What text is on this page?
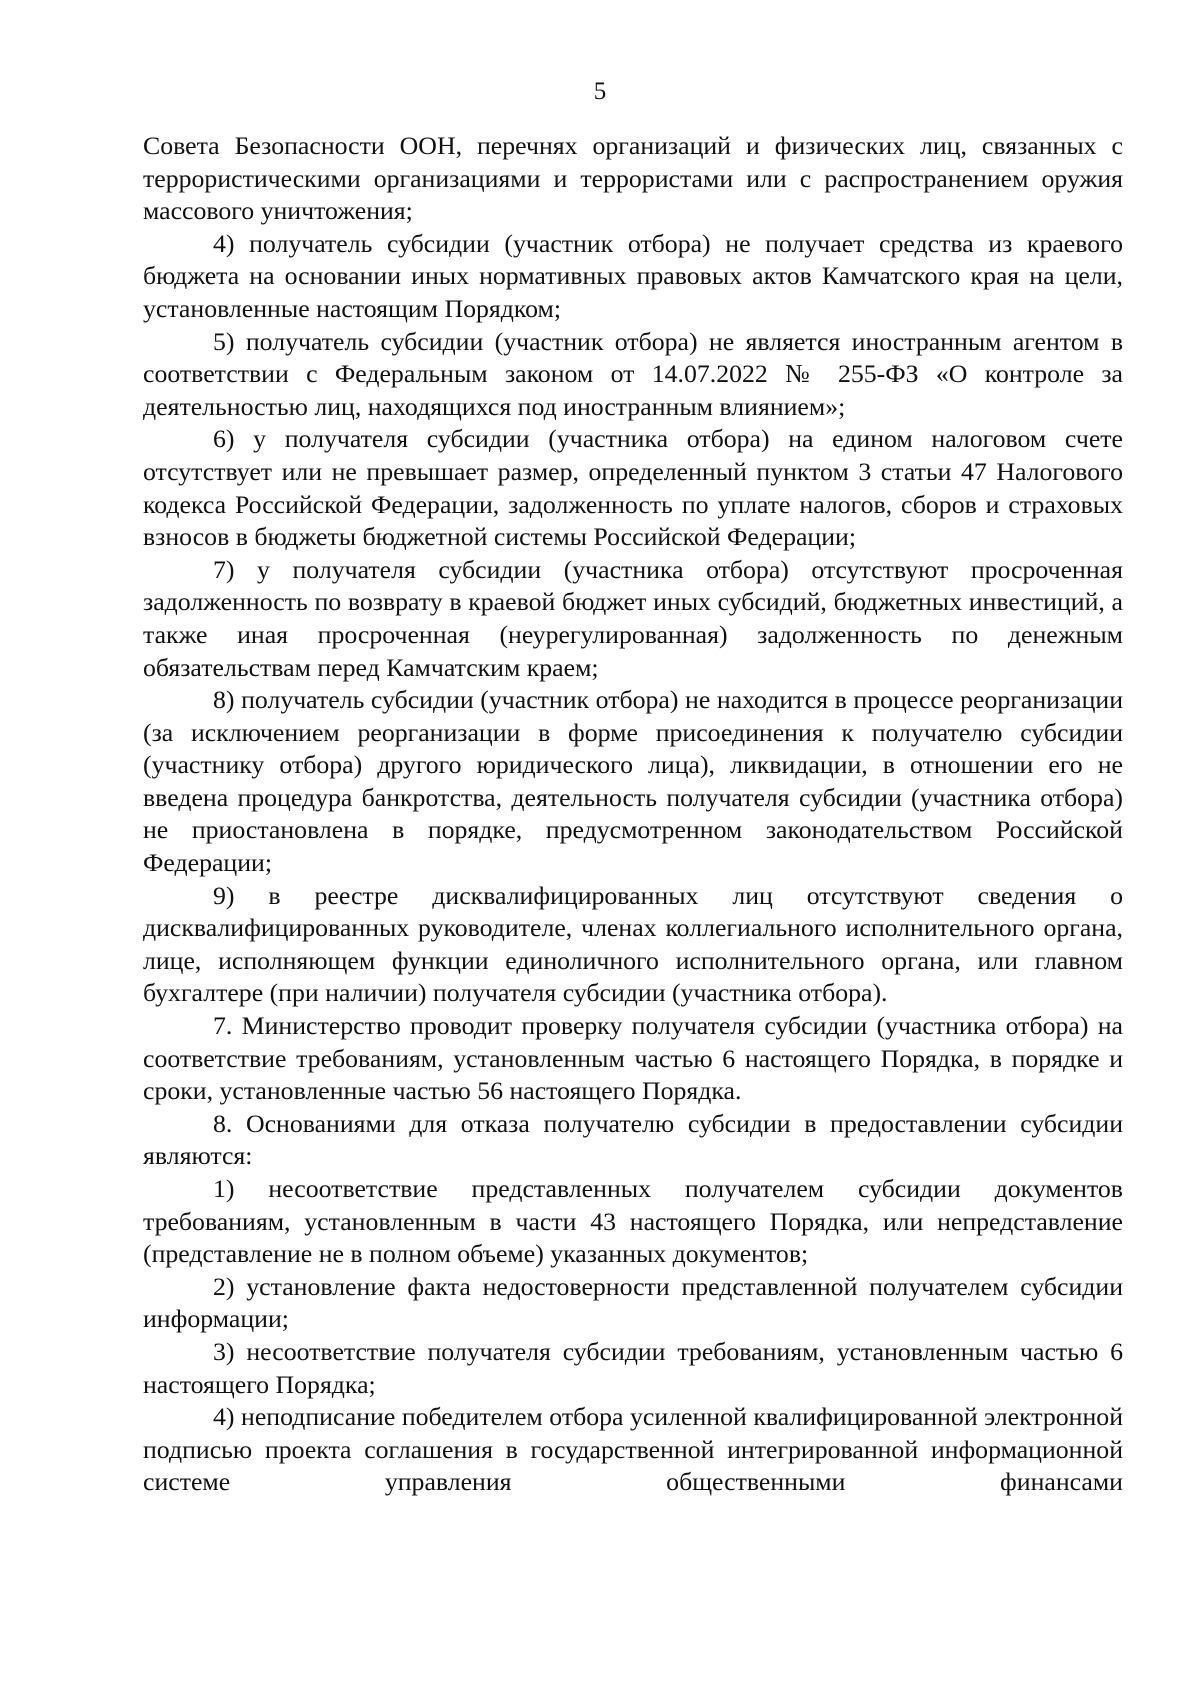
5

Совета Безопасности ООН, перечнях организаций и физических лиц, связанных с террористическими организациями и террористами или с распространением оружия массового уничтожения;

4) получатель субсидии (участник отбора) не получает средства из краевого бюджета на основании иных нормативных правовых актов Камчатского края на цели, установленные настоящим Порядком;

5) получатель субсидии (участник отбора) не является иностранным агентом в соответствии с Федеральным законом от 14.07.2022 № 255-ФЗ «О контроле за деятельностью лиц, находящихся под иностранным влиянием»;

6) у получателя субсидии (участника отбора) на едином налоговом счете отсутствует или не превышает размер, определенный пунктом 3 статьи 47 Налогового кодекса Российской Федерации, задолженность по уплате налогов, сборов и страховых взносов в бюджеты бюджетной системы Российской Федерации;

7) у получателя субсидии (участника отбора) отсутствуют просроченная задолженность по возврату в краевой бюджет иных субсидий, бюджетных инвестиций, а также иная просроченная (неурегулированная) задолженность по денежным обязательствам перед Камчатским краем;

8) получатель субсидии (участник отбора) не находится в процессе реорганизации (за исключением реорганизации в форме присоединения к получателю субсидии (участнику отбора) другого юридического лица), ликвидации, в отношении его не введена процедура банкротства, деятельность получателя субсидии (участника отбора) не приостановлена в порядке, предусмотренном законодательством Российской Федерации;

9) в реестре дисквалифицированных лиц отсутствуют сведения о дисквалифицированных руководителе, членах коллегиального исполнительного органа, лице, исполняющем функции единоличного исполнительного органа, или главном бухгалтере (при наличии) получателя субсидии (участника отбора).

7. Министерство проводит проверку получателя субсидии (участника отбора) на соответствие требованиям, установленным частью 6 настоящего Порядка, в порядке и сроки, установленные частью 56 настоящего Порядка.

8. Основаниями для отказа получателю субсидии в предоставлении субсидии являются:

1) несоответствие представленных получателем субсидии документов требованиям, установленным в части 43 настоящего Порядка, или непредставление (представление не в полном объеме) указанных документов;

2) установление факта недостоверности представленной получателем субсидии информации;

3) несоответствие получателя субсидии требованиям, установленным частью 6 настоящего Порядка;

4) неподписание победителем отбора усиленной квалифицированной электронной подписью проекта соглашения в государственной интегрированной информационной системе управления общественными финансами
